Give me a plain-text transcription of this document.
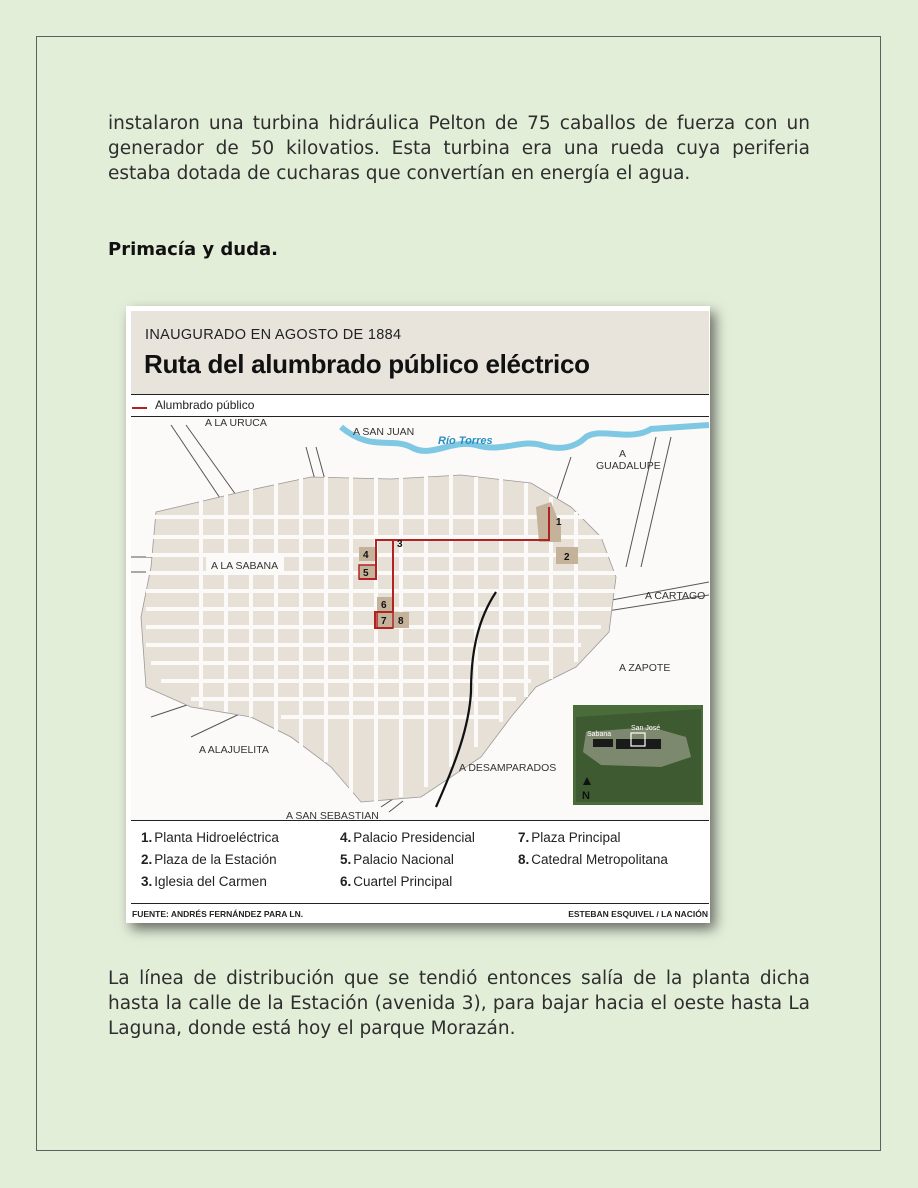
instalaron una turbina hidráulica Pelton de 75 caballos de fuerza con un generador de 50 kilovatios. Esta turbina era una rueda cuya periferia estaba dotada de cucharas que convertían en energía el agua.

Primacía y duda.

INAUGURADO EN AGOSTO DE 1884
Ruta del alumbrado público eléctrico
Alumbrado público
1
2
3
4
5
6
7 8
A LA URUCA
A SAN JUAN
Río Torres
A
GUADALUPE
A LA SABANA
A CARTAGO
A ZAPOTE
A ALAJUELITA
A DESAMPARADOS
A SAN SEBASTIAN
Sabana
San José
N
1. Planta Hidroeléctrica
2. Plaza de la Estación
3. Iglesia del Carmen
4. Palacio Presidencial
5. Palacio Nacional
6. Cuartel Principal
7. Plaza Principal
8. Catedral Metropolitana
FUENTE: ANDRÉS FERNÁNDEZ PARA LN.	ESTEBAN ESQUIVEL / LA NACIÓN

La línea de distribución que se tendió entonces salía de la planta dicha hasta la calle de la Estación (avenida 3), para bajar hacia el oeste hasta La Laguna, donde está hoy el parque Morazán.
